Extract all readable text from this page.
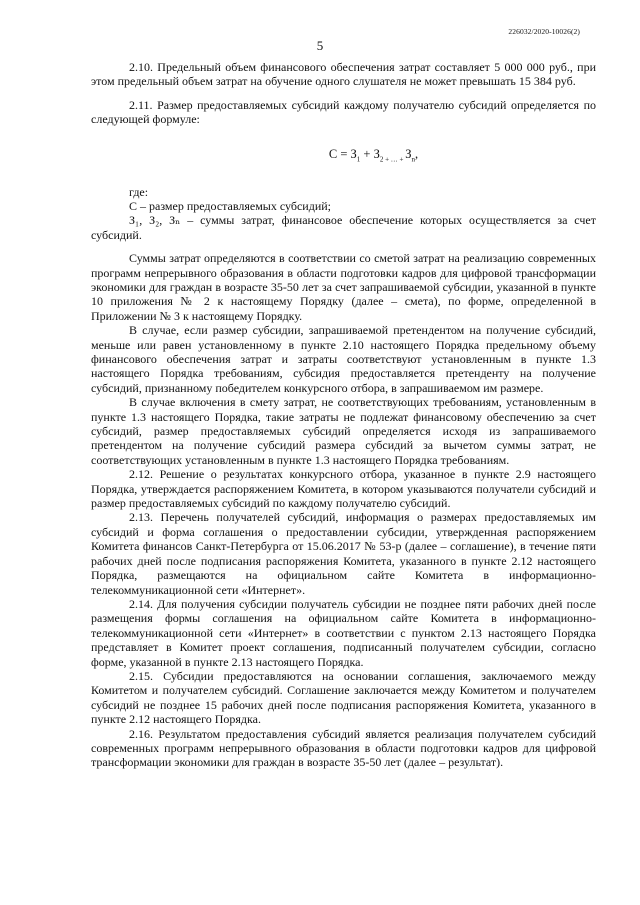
226032/2020-10026(2)
5

2.10. Предельный объем финансового обеспечения затрат составляет 5 000 000 руб., при этом предельный объем затрат на обучение одного слушателя не может превышать 15 384 руб.

2.11. Размер предоставляемых субсидий каждому получателю субсидий определяется по следующей формуле:

$С = З_1 + З_{2 + \dots +}$ $З_n$,

где:

С – размер предоставляемых субсидий;

З₁, З₂, Зₙ – суммы затрат, финансовое обеспечение которых осуществляется за счет субсидий.

Суммы затрат определяются в соответствии со сметой затрат на реализацию современных программ непрерывного образования в области подготовки кадров для цифровой трансформации экономики для граждан в возрасте 35-50 лет за счет запрашиваемой субсидии, указанной в пункте 10 приложения № 2 к настоящему Порядку (далее – смета), по форме, определенной в Приложении № 3 к настоящему Порядку.

В случае, если размер субсидии, запрашиваемой претендентом на получение субсидий, меньше или равен установленному в пункте 2.10 настоящего Порядка предельному объему финансового обеспечения затрат и затраты соответствуют установленным в пункте 1.3 настоящего Порядка требованиям, субсидия предоставляется претенденту на получение субсидий, признанному победителем конкурсного отбора, в запрашиваемом им размере.

В случае включения в смету затрат, не соответствующих требованиям, установленным в пункте 1.3 настоящего Порядка, такие затраты не подлежат финансовому обеспечению за счет субсидий, размер предоставляемых субсидий определяется исходя из запрашиваемого претендентом на получение субсидий размера субсидий за вычетом суммы затрат, не соответствующих установленным в пункте 1.3 настоящего Порядка требованиям.

2.12. Решение о результатах конкурсного отбора, указанное в пункте 2.9 настоящего Порядка, утверждается распоряжением Комитета, в котором указываются получатели субсидий и размер предоставляемых субсидий по каждому получателю субсидий.

2.13. Перечень получателей субсидий, информация о размерах предоставляемых им субсидий и форма соглашения о предоставлении субсидии, утвержденная распоряжением Комитета финансов Санкт-Петербурга от 15.06.2017 № 53-р (далее – соглашение), в течение пяти рабочих дней после подписания распоряжения Комитета, указанного в пункте 2.12 настоящего Порядка, размещаются на официальном сайте Комитета в информационно-телекоммуникационной сети «Интернет».

2.14. Для получения субсидии получатель субсидии не позднее пяти рабочих дней после размещения формы соглашения на официальном сайте Комитета в информационно-телекоммуникационной сети «Интернет» в соответствии с пунктом 2.13 настоящего Порядка представляет в Комитет проект соглашения, подписанный получателем субсидии, согласно форме, указанной в пункте 2.13 настоящего Порядка.

2.15. Субсидии предоставляются на основании соглашения, заключаемого между Комитетом и получателем субсидий. Соглашение заключается между Комитетом и получателем субсидий не позднее 15 рабочих дней после подписания распоряжения Комитета, указанного в пункте 2.12 настоящего Порядка.

2.16. Результатом предоставления субсидий является реализация получателем субсидий современных программ непрерывного образования в области подготовки кадров для цифровой трансформации экономики для граждан в возрасте 35-50 лет (далее – результат).
